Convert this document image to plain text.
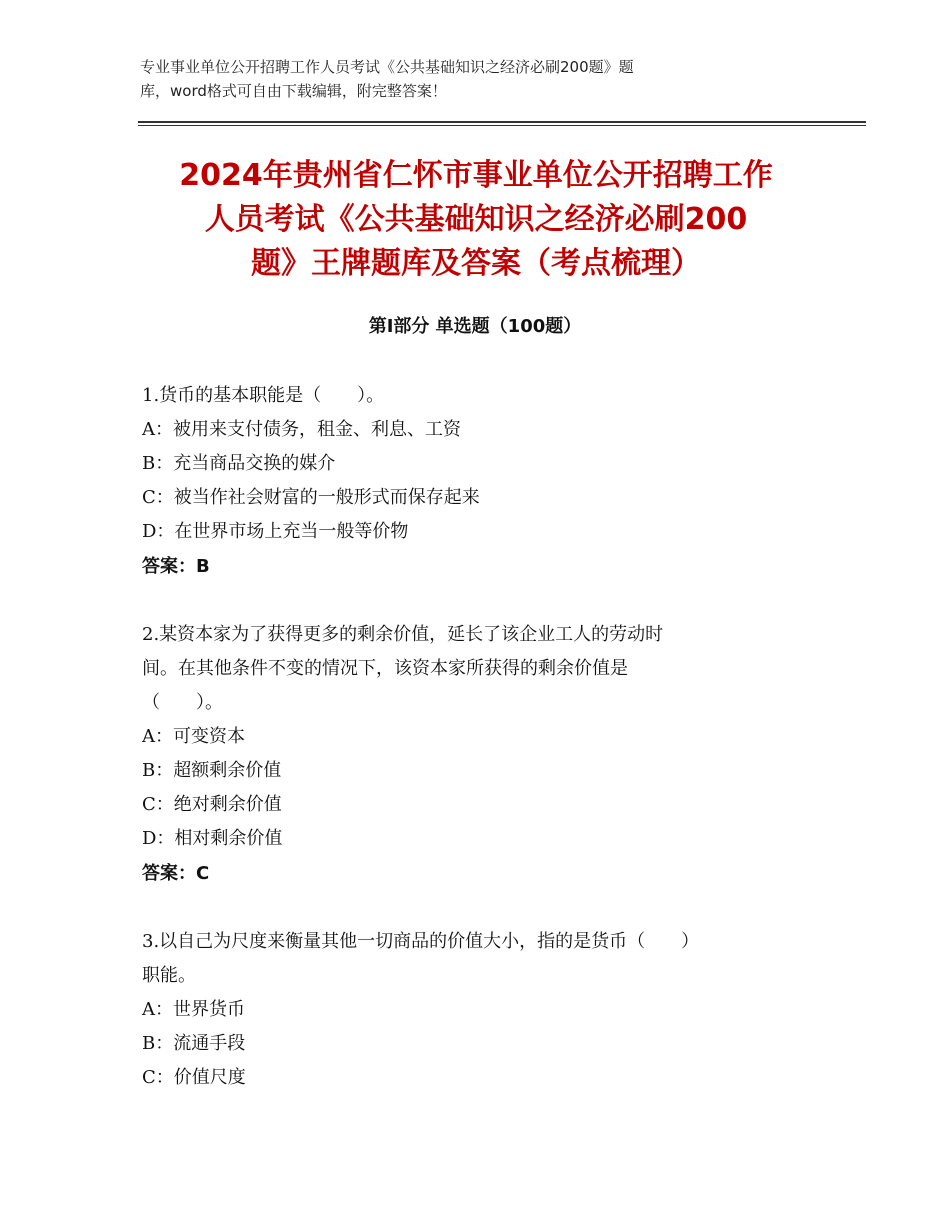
专业事业单位公开招聘工作人员考试《公共基础知识之经济必刷200题》题
库，word格式可自由下载编辑，附完整答案！
2024年贵州省仁怀市事业单位公开招聘工作
人员考试《公共基础知识之经济必刷200
题》王牌题库及答案（考点梳理）
第I部分 单选题（100题）
1.货币的基本职能是（　　）。
A：被用来支付债务，租金、利息、工资
B：充当商品交换的媒介
C：被当作社会财富的一般形式而保存起来
D：在世界市场上充当一般等价物
答案：B
2.某资本家为了获得更多的剩余价值，延长了该企业工人的劳动时
间。在其他条件不变的情况下，该资本家所获得的剩余价值是
（　　）。
A：可变资本
B：超额剩余价值
C：绝对剩余价值
D：相对剩余价值
答案：C
3.以自己为尺度来衡量其他一切商品的价值大小，指的是货币（　　）
职能。
A：世界货币
B：流通手段
C：价值尺度
